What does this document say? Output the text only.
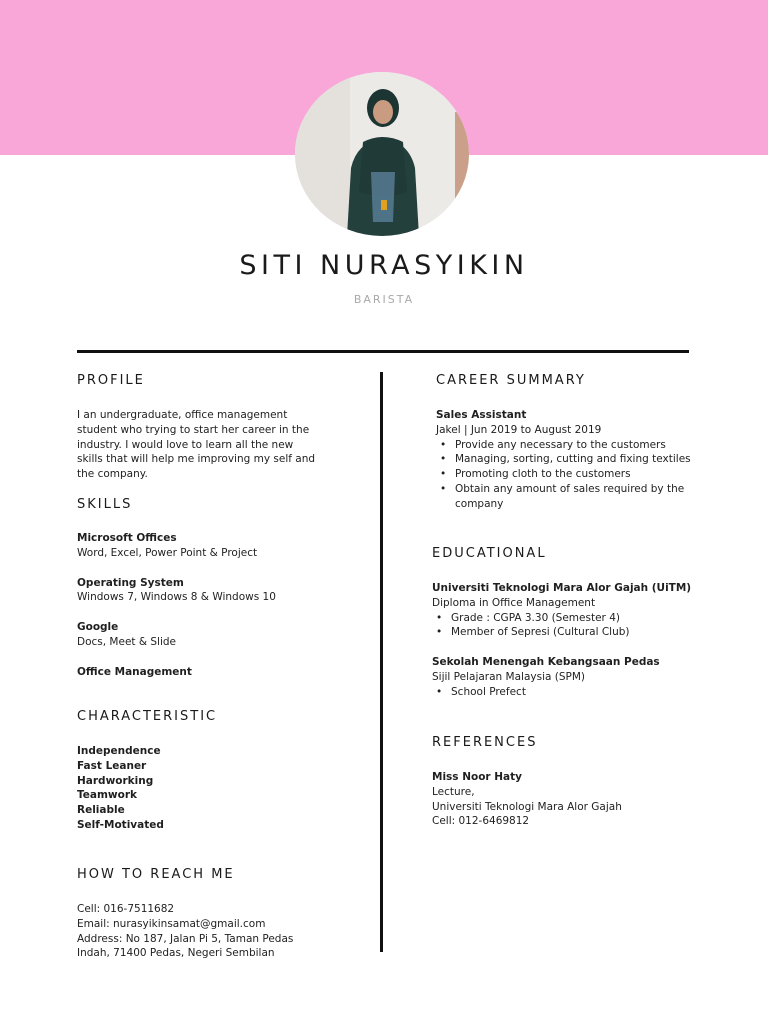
SITI NURASYIKIN
BARISTA
PROFILE
I an undergraduate, office management student who trying to start her career in the industry. I would love to learn all the new skills that will help me improving my self and the company.
SKILLS
Microsoft Offices
Word, Excel, Power Point & Project
Operating System
Windows 7, Windows 8 & Windows 10
Google
Docs, Meet & Slide
Office Management
CHARACTERISTIC
Independence
Fast Leaner
Hardworking
Teamwork
Reliable
Self-Motivated
HOW TO REACH ME
Cell: 016-7511682
Email: nurasyikinsamat@gmail.com
Address: No 187, Jalan Pi 5, Taman Pedas Indah, 71400 Pedas, Negeri Sembilan
CAREER SUMMARY
Sales Assistant
Jakel | Jun 2019 to August 2019
• Provide any necessary to the customers
• Managing, sorting, cutting and fixing textiles
• Promoting cloth to the customers
• Obtain any amount of sales required by the company
EDUCATIONAL
Universiti Teknologi Mara Alor Gajah (UiTM)
Diploma in Office Management
• Grade : CGPA 3.30 (Semester 4)
• Member of Sepresi (Cultural Club)
Sekolah Menengah Kebangsaan Pedas
Sijil Pelajaran Malaysia (SPM)
• School Prefect
REFERENCES
Miss Noor Haty
Lecture,
Universiti Teknologi Mara Alor Gajah
Cell: 012-6469812
